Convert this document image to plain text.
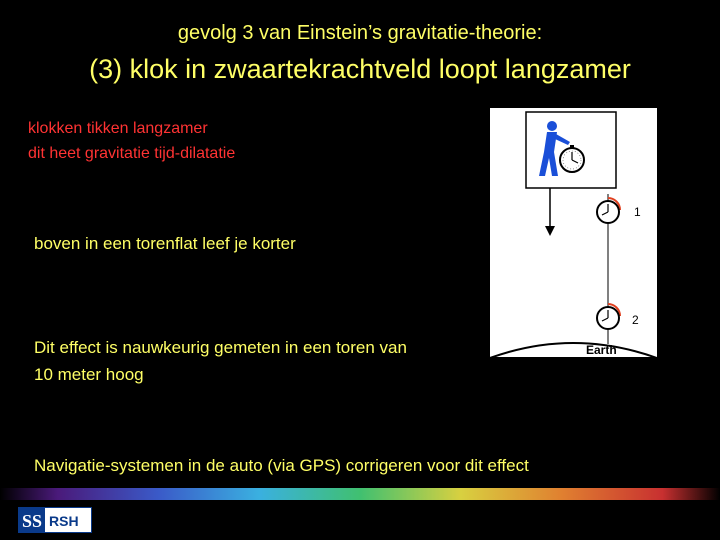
gevolg 3 van Einstein’s gravitatie-theorie:
(3) klok in zwaartekrachtveld loopt langzamer
klokken tikken langzamer
dit heet gravitatie tijd-dilatatie
boven in een torenflat leef je korter
Dit effect is nauwkeurig gemeten in een toren van
10 meter hoog
Navigatie-systemen in de auto (via GPS) corrigeren voor dit effect
1
2
Earth
SS RSH
